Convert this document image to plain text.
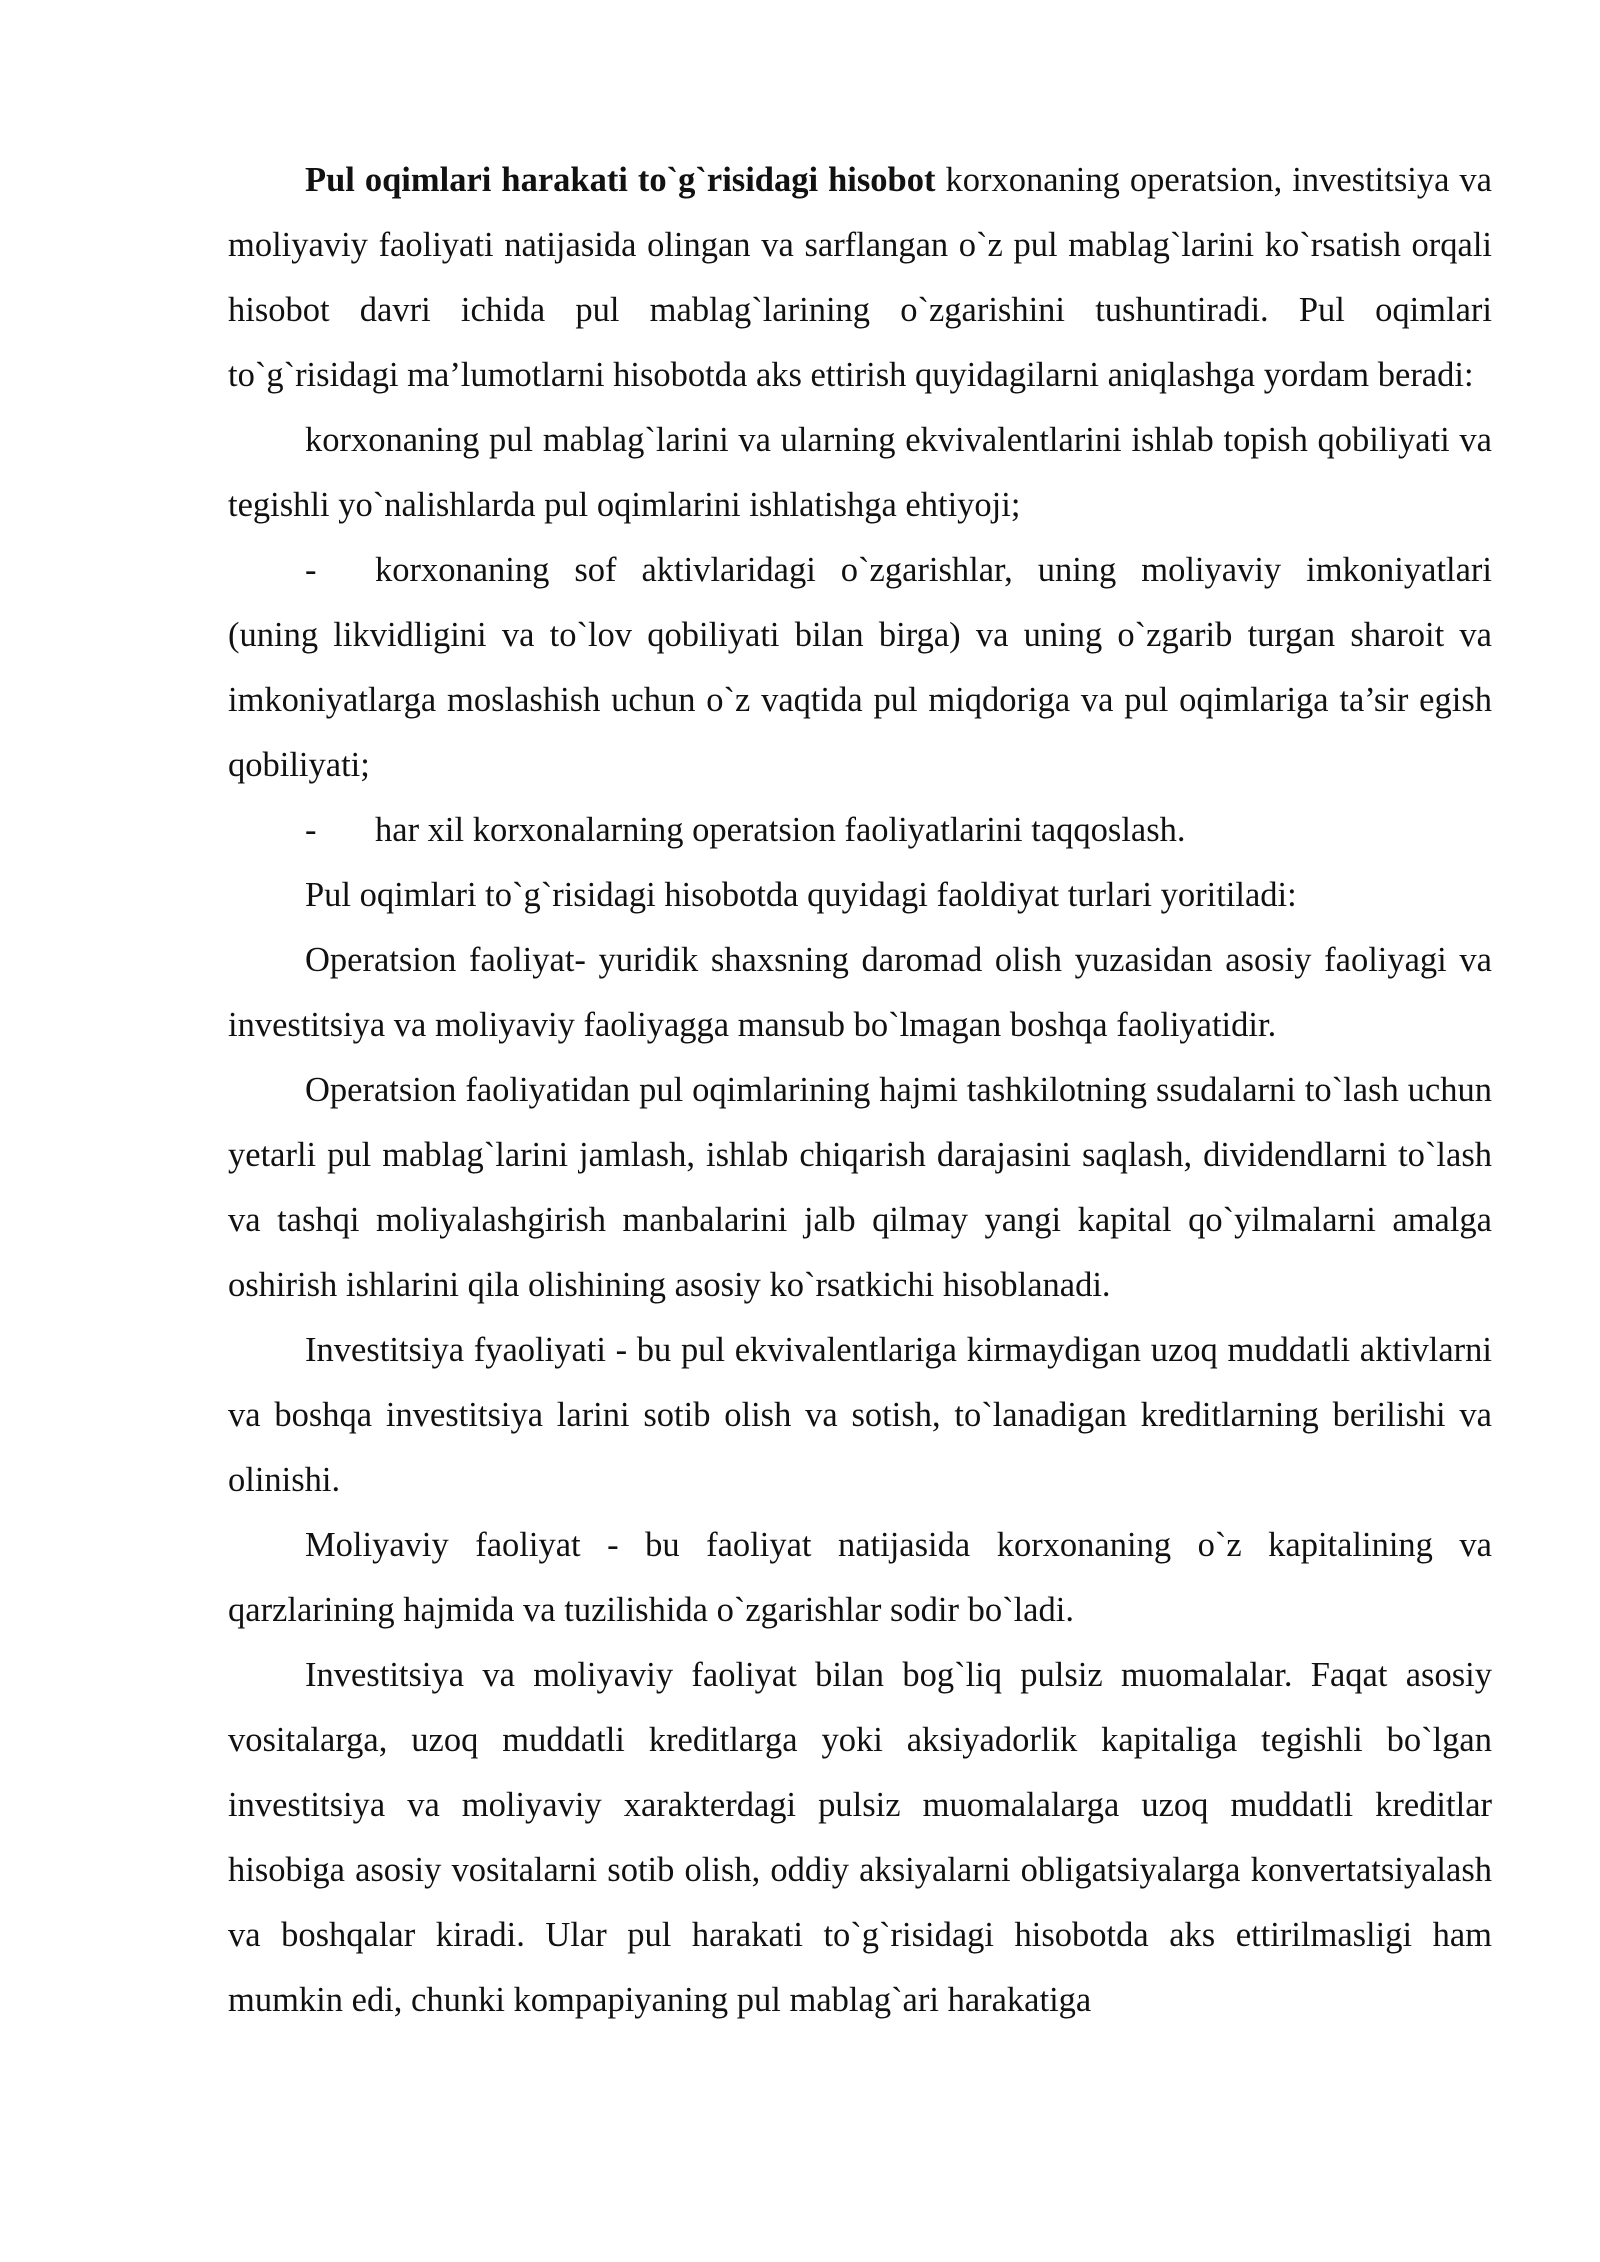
Pul oqimlari harakati to`g`risidagi hisobot korxonaning operatsion, investitsiya va moliyaviy faoliyati natijasida olingan va sarflangan o`z pul mablag`larini ko`rsatish orqali hisobot davri ichida pul mablag`larining o`zgarishini tushuntiradi. Pul oqimlari to`g`risidagi ma’lumotlarni hisobotda aks ettirish quyidagilarni aniqlashga yordam beradi:

korxonaning pul mablag`larini va ularning ekvivalentlarini ishlab topish qobiliyati va tegishli yo`nalishlarda pul oqimlarini ishlatishga ehtiyoji;

- korxonaning sof aktivlaridagi o`zgarishlar, uning moliyaviy imkoniyatlari (uning likvidligini va to`lov qobiliyati bilan birga) va uning o`zgarib turgan sharoit va imkoniyatlarga moslashish uchun o`z vaqtida pul miqdoriga va pul oqimlariga ta’sir egish qobiliyati;

- har xil korxonalarning operatsion faoliyatlarini taqqoslash.

Pul oqimlari to`g`risidagi hisobotda quyidagi faoldiyat turlari yoritiladi:

Operatsion faoliyat- yuridik shaxsning daromad olish yuzasidan asosiy faoliyagi va investitsiya va moliyaviy faoliyagga mansub bo`lmagan boshqa faoliyatidir.

Operatsion faoliyatidan pul oqimlarining hajmi tashkilotning ssudalarni to`lash uchun yetarli pul mablag`larini jamlash, ishlab chiqarish darajasini saqlash, dividendlarni to`lash va tashqi moliyalashgirish manbalarini jalb qilmay yangi kapital qo`yilmalarni amalga oshirish ishlarini qila olishining asosiy ko`rsatkichi hisoblanadi.

Investitsiya fyaoliyati - bu pul ekvivalentlariga kirmaydigan uzoq muddatli aktivlarni va boshqa investitsiya larini sotib olish va sotish, to`lanadigan kreditlarning berilishi va olinishi.

Moliyaviy faoliyat - bu faoliyat natijasida korxonaning o`z kapitalining va qarzlarining hajmida va tuzilishida o`zgarishlar sodir bo`ladi.

Investitsiya va moliyaviy faoliyat bilan bog`liq pulsiz muomalalar. Faqat asosiy vositalarga, uzoq muddatli kreditlarga yoki aksiyadorlik kapitaliga tegishli bo`lgan investitsiya va moliyaviy xarakterdagi pulsiz muomalalarga uzoq muddatli kreditlar hisobiga asosiy vositalarni sotib olish, oddiy aksiyalarni obligatsiyalarga konvertatsiyalash va boshqalar kiradi. Ular pul harakati to`g`risidagi hisobotda aks ettirilmasligi ham mumkin edi, chunki kompapiyaning pul mablag`ari harakatiga
